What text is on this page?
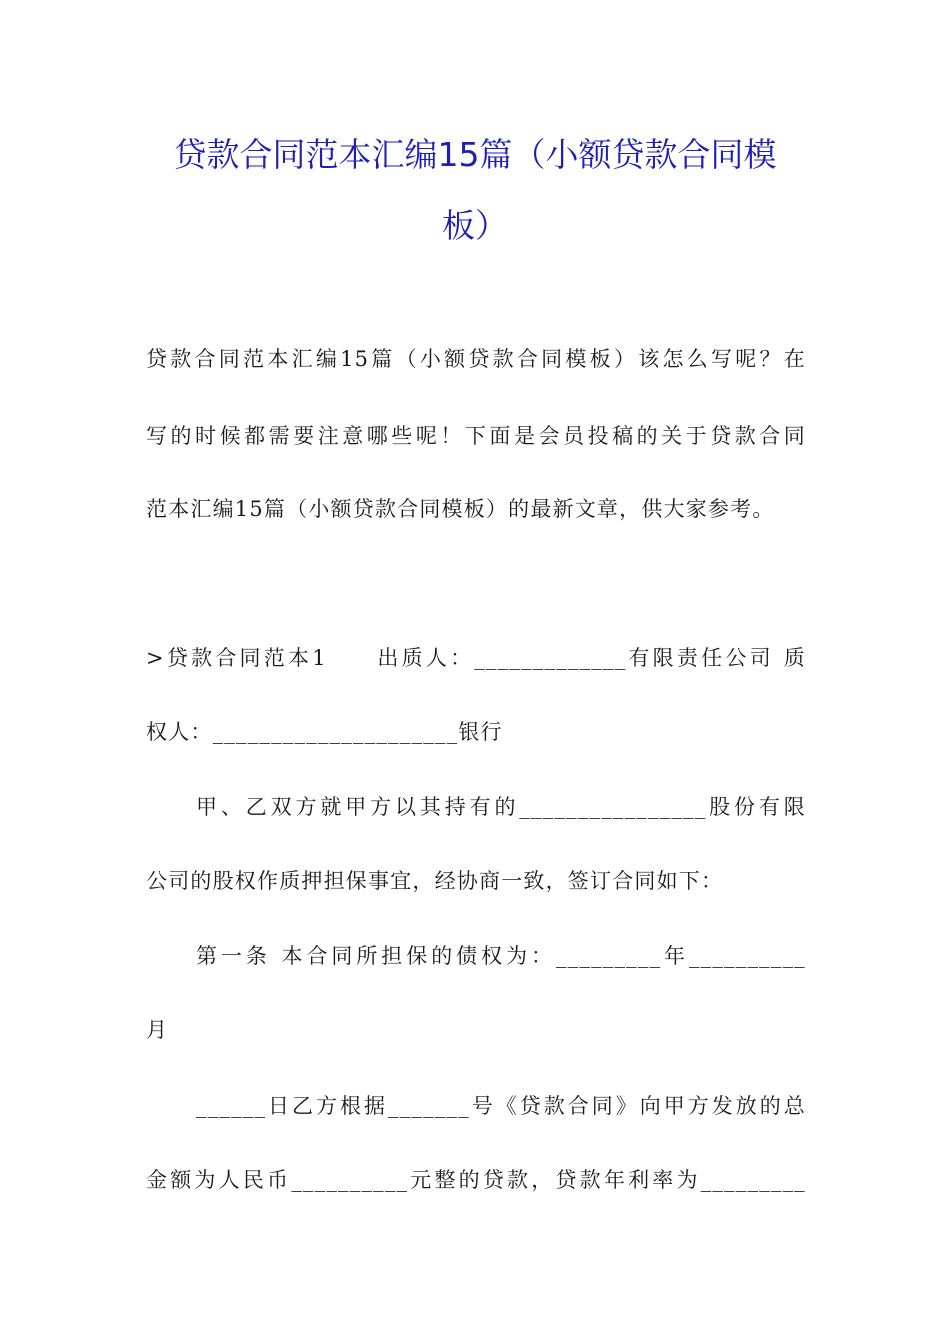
贷款合同范本汇编15篇（小额贷款合同模
板）
贷款合同范本汇编15篇（小额贷款合同模板）该怎么写呢？在
写的时候都需要注意哪些呢！下面是会员投稿的关于贷款合同
范本汇编15篇（小额贷款合同模板）的最新文章，供大家参考。
>贷款合同范本1　　出质人：_____________有限责任公司 质
权人：_____________________银行
甲、乙双方就甲方以其持有的________________股份有限
公司的股权作质押担保事宜，经协商一致，签订合同如下：
第一条 本合同所担保的债权为：_________年__________
月
______日乙方根据_______号《贷款合同》向甲方发放的总
金额为人民币__________元整的贷款，贷款年利率为_________
